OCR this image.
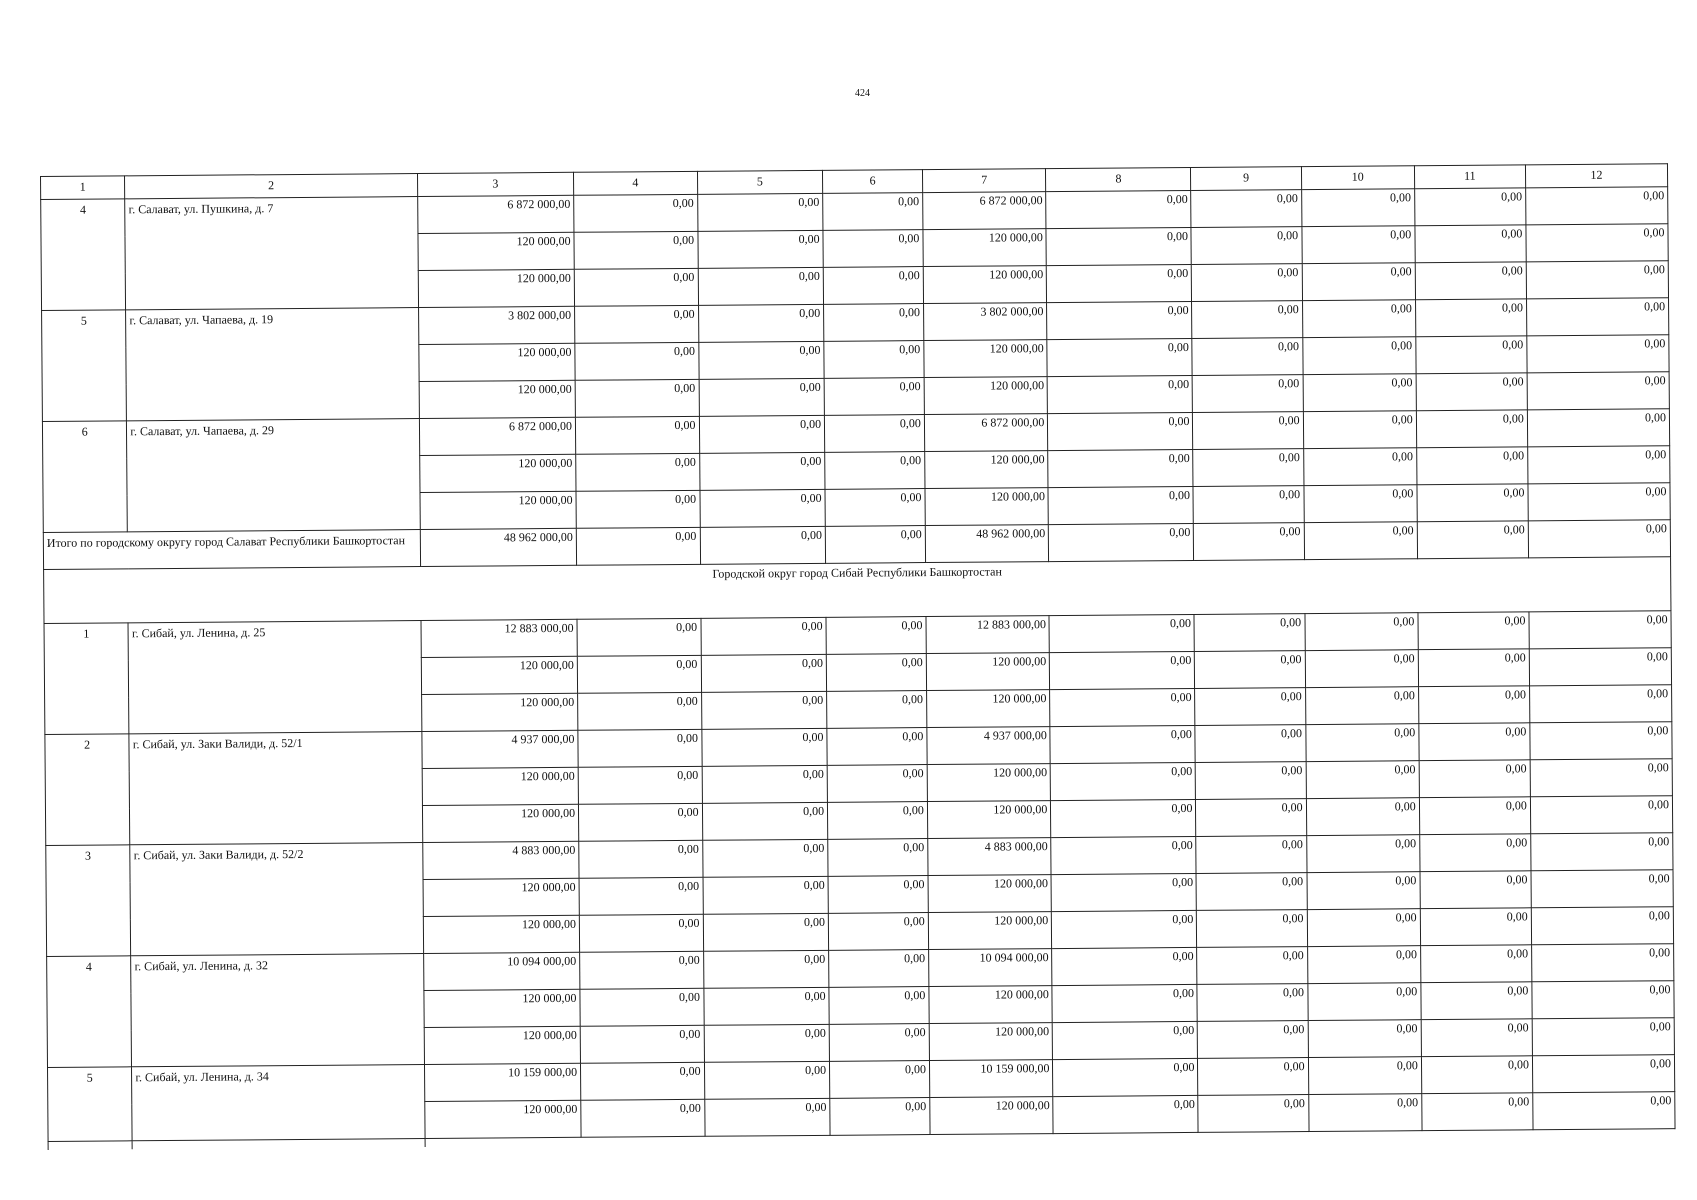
424
1	2	3	4	5	6	7	8	9	10	11	12
4	г. Салават, ул. Пушкина, д. 7	6 872 000,00	0,00	0,00	0,00	6 872 000,00	0,00	0,00	0,00	0,00	0,00
		120 000,00	0,00	0,00	0,00	120 000,00	0,00	0,00	0,00	0,00	0,00
		120 000,00	0,00	0,00	0,00	120 000,00	0,00	0,00	0,00	0,00	0,00
5	г. Салават, ул. Чапаева, д. 19	3 802 000,00	0,00	0,00	0,00	3 802 000,00	0,00	0,00	0,00	0,00	0,00
		120 000,00	0,00	0,00	0,00	120 000,00	0,00	0,00	0,00	0,00	0,00
		120 000,00	0,00	0,00	0,00	120 000,00	0,00	0,00	0,00	0,00	0,00
6	г. Салават, ул. Чапаева, д. 29	6 872 000,00	0,00	0,00	0,00	6 872 000,00	0,00	0,00	0,00	0,00	0,00
		120 000,00	0,00	0,00	0,00	120 000,00	0,00	0,00	0,00	0,00	0,00
		120 000,00	0,00	0,00	0,00	120 000,00	0,00	0,00	0,00	0,00	0,00
Итого по городскому округу город Салават Республики Башкортостан		48 962 000,00	0,00	0,00	0,00	48 962 000,00	0,00	0,00	0,00	0,00	0,00
Городской округ город Сибай Республики Башкортостан											
1	г. Сибай, ул. Ленина, д. 25	12 883 000,00	0,00	0,00	0,00	12 883 000,00	0,00	0,00	0,00	0,00	0,00
		120 000,00	0,00	0,00	0,00	120 000,00	0,00	0,00	0,00	0,00	0,00
		120 000,00	0,00	0,00	0,00	120 000,00	0,00	0,00	0,00	0,00	0,00
2	г. Сибай, ул. Заки Валиди, д. 52/1	4 937 000,00	0,00	0,00	0,00	4 937 000,00	0,00	0,00	0,00	0,00	0,00
		120 000,00	0,00	0,00	0,00	120 000,00	0,00	0,00	0,00	0,00	0,00
		120 000,00	0,00	0,00	0,00	120 000,00	0,00	0,00	0,00	0,00	0,00
3	г. Сибай, ул. Заки Валиди, д. 52/2	4 883 000,00	0,00	0,00	0,00	4 883 000,00	0,00	0,00	0,00	0,00	0,00
		120 000,00	0,00	0,00	0,00	120 000,00	0,00	0,00	0,00	0,00	0,00
		120 000,00	0,00	0,00	0,00	120 000,00	0,00	0,00	0,00	0,00	0,00
4	г. Сибай, ул. Ленина, д. 32	10 094 000,00	0,00	0,00	0,00	10 094 000,00	0,00	0,00	0,00	0,00	0,00
		120 000,00	0,00	0,00	0,00	120 000,00	0,00	0,00	0,00	0,00	0,00
		120 000,00	0,00	0,00	0,00	120 000,00	0,00	0,00	0,00	0,00	0,00
5	г. Сибай, ул. Ленина, д. 34	10 159 000,00	0,00	0,00	0,00	10 159 000,00	0,00	0,00	0,00	0,00	0,00
		120 000,00	0,00	0,00	0,00	120 000,00	0,00	0,00	0,00	0,00	0,00
